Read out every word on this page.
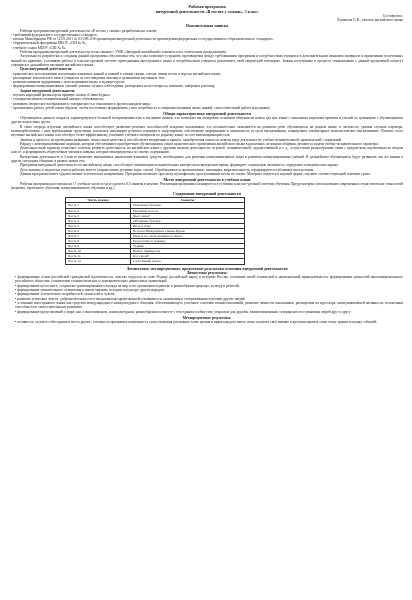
Рабочая программа
внеурочной деятельности «В гостях у сказки», 3 класс
Составитель:
Лукашова О.В., учитель английского языка
Пояснительная записка

Рабочая программа внеурочной деятельности «В гостях у сказки» разработана на основе:

- требований федерального государственного стандарта,

- письма Минобрнауки РФ от 12.05.2011 № 03-296 «Об организации внеурочной деятельности при введении федерального государственного образовательного стандарта»,

- образовательной программы МБОУ «СШ № 8»,

- учебного плана МБОУ «СШ № 8».

Рабочая программа внеурочной деятельности тесно связана с УМК «Звездный английский» и является его логическим продолжением.

Актуальность разработки и создания данной программы обусловлена тем, что она позволяет устранить противоречия между требованиями программы и потребностями учащихся в дополнительном языковом материале и применении полученных знаний на практике; условиями работы в классно-урочной системе преподавания иностранного языка и потребностями учащихся реализовать свой творческий потенциал. Знания полученные в процессе ознакомления с данной программой помогут учащимся в дальнейшем изучении английского языка.

Цели внеурочной деятельности:

- практическое использование полученных языковых знаний и умений в чтении сказки, стихов, пении песен и игре на английском языке;

- расширение лексического запаса учащихся за счет введения лексики и грамматики изученных тем;

- развитие навыков аудирования с использованием видео и аудиоресурсов;

- формирование коммуникативных умений: умения слушать собеседника, реагировать на его вопросы, начинать, завершать разговор.

Задачи внеурочной деятельности:

- изучить народный фольклор на примере сказки «Сивка-Бурка»;

- усовершенствовать познавательный интерес обучающихся;

- развивать творческое воображение и толерантность в отношении к другим народам мира;

- организовать работу детей таким образом, чтобы постепенно формировать у них потребность в совершенствовании своих знаний, самостоятельной работе над языком.

Общая характеристика внеурочной деятельности

Обучающиеся данного возраста характеризуются большой восприимчивостью к изучению языков, что позволяет им овладевать основами общения на новом для них языке с меньшими затратами времени и усилий по сравнению с обучающимися других возрастных групп.

В свою очередь изучение английского языка способствует развитию речевых способностей младших школьников, что положительно сказывается на развитии речи обучающихся на родном языке, в частности, умения слушать партнера, взаимодействовать с ним вербальными средствами, различать интонацию речевого партнера и моделировать собственную информацию в зависимости от цели высказывания, планировать элементарное монологическое высказывание. Помимо этого изучение английского языка способствует более эффективному усвоению учебного материала по родному языку за счет интенсификации слов.

Занятия и процессе их проведения развивают личностные качества и способствуют вторжению в процесс приобретения опыта по новому виду деятельности: учебно-познавательной, практической, социальной.

Наряду с коммуникативными задачами, которые обеспечивают приобретение обучающимися опыта практического применения английского языка в различных ситуациях общения, решаются задачи учебно-познавательного характера.

Деятельностный характер позволяет сочетать речевую деятельность на английском языке с другими видами деятельности: игровой, познавательной, художественной и т. д., осуществляя разнообразные связи с предметами, изучаемыми во втором классе, и формировать общеучебные умения и навыки, которые межпредметны по своему содержанию.

Внеурочная деятельность в 3 классе включает интенсивное накопление языковых средств, необходимых для решения коммуникативных задач и развития коммуникативных умений. В дальнейшем обучающиеся будут развивать эти же знания в других ситуациях общения, в рамках новых тем.

Программа внеурочной деятельности по английскому языку способствует активизации познавательных интересов во внеурочное время, формирует социальную активность, определяет поведенческие нормы.

Дети активно и творчески учатся работать вместе (хорове пение, ролевые игры, стихи). Отрабатываются произношение, интонация, выразительность и формируются публичные выступления.

Данная программа имеет художественно-эстетическое направление. Программа включает просмотр мультфильма, прослушивание песен по сказке. Материал подается в игровой форме, изучают соответствующий тематике урока.

Место внеурочной деятельности в учебном плане

Рабочая программа рассчитана на 17 учебных часов в год из расчета 0,5 занятия в неделю. Реализация программы планируется в условиях классно-урочной системы обучения. Предусмотрено использование современных педагогических технологий (игровых, проектного обучения, коммуникативного обучения и др.)

Содержание внеурочной деятельности
Часть сказки	Сюжеты
Часть 1	Увлечение братьев
Часть 2	Пшеничное поле
Часть 3	Чьи следы?
Часть 4	Обещание братьев
Часть 5	Ночь в поле
Часть 6	Встреча Иванушки и Сивки-Бурки
Часть 7	Царь и его дочь принцесса Анна
Часть 8	Подготовка к турниру
Часть 9	Турнир
Часть 10	Выбор принцессы
Часть 11	Кто герой?
Часть 12	Счастливый конец
Личностные, метапредметные, предметные результаты освоения внеурочной деятельности
Личностные результаты:

• формирование основ российской гражданской идентичности, чувства гордости за свою Родину, российский народ и историю России, осознание своей этнической и национальной принадлежности; формирование ценностей многонационального российского общества; становление гуманистических и демократических ценностных ориентаций;

• формирование целостного, социально ориентированного взгляда на мир в его органичном единстве и разнообразии природы, культур и религий;

• формирование уважительного отношения к иному мнению, истории и культуре других народов;

• формирование эстетических потребностей, ценностей и чувств;

• развитие этических чувств, доброжелательности и эмоционально-нравственной отзывчивости, понимания и сопереживания чувствам других людей;

• осознание иностранного языка как средства международного межкультурного общения, обеспечивающего успешное освоение взаимоотношений, развитие личности школьников, расширение их кругозора, коммуникативной активности, воспитания способности к самостоятельному развитию.

• формирование представлений о мире, как о многоязычном, поликультурном, разнообразном и вместе с тем едином сообществе, открытом для дружбы, взаимопонимания, толерантности и уважения людей друг к другу.

Метапредметные результаты:

• готовность слушать собеседника и вести диалог; готовность признавать возможность существования различных точек зрения и права каждого иметь свою; излагать своё мнение и аргументировать свою точку зрения и оценку событий;
